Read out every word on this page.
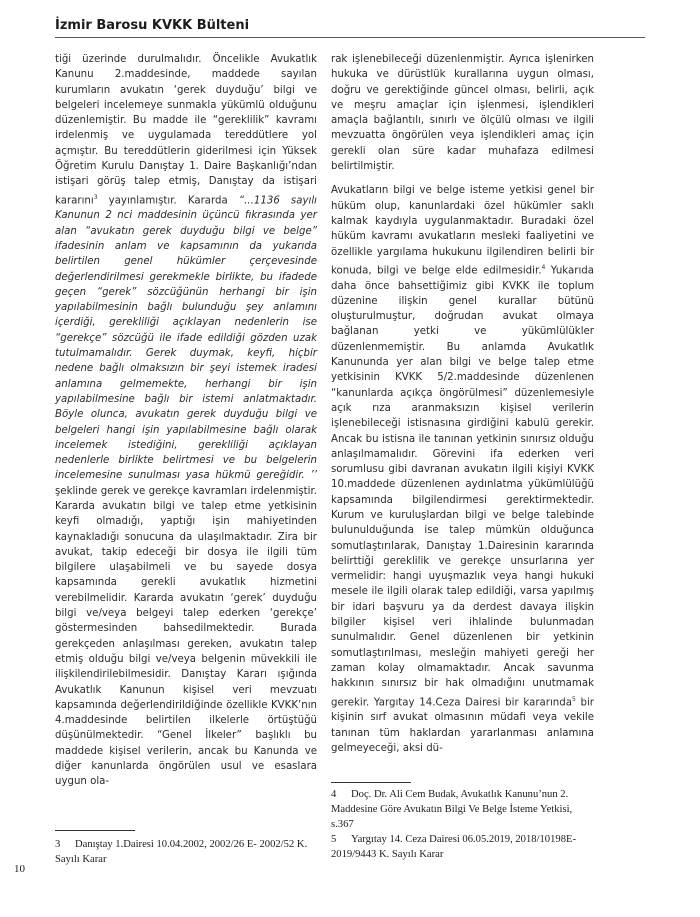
İzmir Barosu KVKK Bülteni

tiği üzerinde durulmalıdır. Öncelikle Avukatlık Kanunu 2.maddesinde, maddede sayılan kurumların avukatın ‘gerek duyduğu’ bilgi ve belgeleri incelemeye sunmakla yükümlü olduğunu düzenlemiştir. Bu madde ile “gereklilik” kavramı irdelenmiş ve uygulamada tereddütlere yol açmıştır. Bu tereddütlerin giderilmesi için Yüksek Öğretim Kurulu Danıştay 1. Daire Başkanlığı’ndan istişari görüş talep etmiş, Danıştay da istişari kararını$^3$ yayınlamıştır. Kararda “...1136 sayılı Kanunun 2 nci maddesinin üçüncü fıkrasında yer alan “avukatın gerek duyduğu bilgi ve belge” ifadesinin anlam ve kapsamının da yukarıda belirtilen genel hükümler çerçevesinde değerlendirilmesi gerekmekle birlikte, bu ifadede geçen “gerek” sözcüğünün herhangi bir işin yapılabilmesinin bağlı bulunduğu şey anlamını içerdiği, gerekliliği açıklayan nedenlerin ise “gerekçe” sözcüğü ile ifade edildiği gözden uzak tutulmamalıdır. Gerek duymak, keyfi, hiçbir nedene bağlı olmaksızın bir şeyi istemek iradesi anlamına gelmemekte, herhangi bir işin yapılabilmesine bağlı bir istemi anlatmaktadır. Böyle olunca, avukatın gerek duyduğu bilgi ve belgeleri hangi işin yapılabilmesine bağlı olarak incelemek istediğini, gerekliliği açıklayan nedenlerle birlikte belirtmesi ve bu belgelerin incelemesine sunulması yasa hükmü gereğidir. ’’ şeklinde gerek ve gerekçe kavramları irdelenmiştir. Kararda avukatın bilgi ve talep etme yetkisinin keyfi olmadığı, yaptığı işin mahiyetinden kaynakladığı sonucuna da ulaşılmaktadır. Zira bir avukat, takip edeceği bir dosya ile ilgili tüm bilgilere ulaşabilmeli ve bu sayede dosya kapsamında gerekli avukatlık hizmetini verebilmelidir. Kararda avukatın ‘gerek’ duyduğu bilgi ve/veya belgeyi talep ederken ‘gerekçe’ göstermesinden bahsedilmektedir. Burada gerekçeden anlaşılması gereken, avukatın talep etmiş olduğu bilgi ve/veya belgenin müvekkili ile ilişkilendirilebilmesidir. Danıştay Kararı ışığında Avukatlık Kanunun kişisel veri mevzuatı kapsamında değerlendirildiğinde özellikle KVKK’nın 4.maddesinde belirtilen ilkelerle örtüştüğü düşünülmektedir. “Genel İlkeler” başlıklı bu maddede kişisel verilerin, ancak bu Kanunda ve diğer kanunlarda öngörülen usul ve esaslara uygun ola-

rak işlenebileceği düzenlenmiştir. Ayrıca işlenirken hukuka ve dürüstlük kurallarına uygun olması, doğru ve gerektiğinde güncel olması, belirli, açık ve meşru amaçlar için işlenmesi, işlendikleri amaçla bağlantılı, sınırlı ve ölçülü olması ve ilgili mevzuatta öngörülen veya işlendikleri amaç için gerekli olan süre kadar muhafaza edilmesi belirtilmiştir.

Avukatların bilgi ve belge isteme yetkisi genel bir hüküm olup, kanunlardaki özel hükümler saklı kalmak kaydıyla uygulanmaktadır. Buradaki özel hüküm kavramı avukatların mesleki faaliyetini ve özellikle yargılama hukukunu ilgilendiren belirli bir konuda, bilgi ve belge elde edilmesidir.$^4$ Yukarıda daha önce bahsettiğimiz gibi KVKK ile toplum düzenine ilişkin genel kurallar bütünü oluşturulmuştur, doğrudan avukat olmaya bağlanan yetki ve yükümlülükler düzenlenmemiştir. Bu anlamda Avukatlık Kanununda yer alan bilgi ve belge talep etme yetkisinin KVKK 5/2.maddesinde düzenlenen “kanunlarda açıkça öngörülmesi” düzenlemesiyle açık rıza aranmaksızın kişisel verilerin işlenebileceği istisnasına girdiğini kabulü gerekir. Ancak bu istisna ile tanınan yetkinin sınırsız olduğu anlaşılmamalıdır. Görevini ifa ederken veri sorumlusu gibi davranan avukatın ilgili kişiyi KVKK 10.maddede düzenlenen aydınlatma yükümlülüğü kapsamında bilgilendirmesi gerektirmektedir. Kurum ve kuruluşlardan bilgi ve belge talebinde bulunulduğunda ise talep mümkün olduğunca somutlaştırılarak, Danıştay 1.Dairesinin kararında belirttiği gereklilik ve gerekçe unsurlarına yer vermelidir: hangi uyuşmazlık veya hangi hukuki mesele ile ilgili olarak talep edildiği, varsa yapılmış bir idari başvuru ya da derdest davaya ilişkin bilgiler kişisel veri ihlalinde bulunmadan sunulmalıdır. Genel düzenlenen bir yetkinin somutlaştırılması, mesleğin mahiyeti gereği her zaman kolay olmamaktadır. Ancak savunma hakkının sınırsız bir hak olmadığını unutmamak gerekir. Yargıtay 14.Ceza Dairesi bir kararında$^5$ bir kişinin sırf avukat olmasının müdafi veya vekile tanınan tüm haklardan yararlanması anlamına gelmeyeceği, aksi dü-

3 Danıştay 1.Dairesi 10.04.2002, 2002/26 E- 2002/52 K. Sayılı Karar

4 Doç. Dr. Ali Cem Budak, Avukatlık Kanunu’nun 2. Maddesine Göre Avukatın Bilgi Ve Belge İsteme Yetkisi, s.367

5 Yargıtay 14. Ceza Dairesi 06.05.2019, 2018/10198E- 2019/9443 K. Sayılı Karar

10
